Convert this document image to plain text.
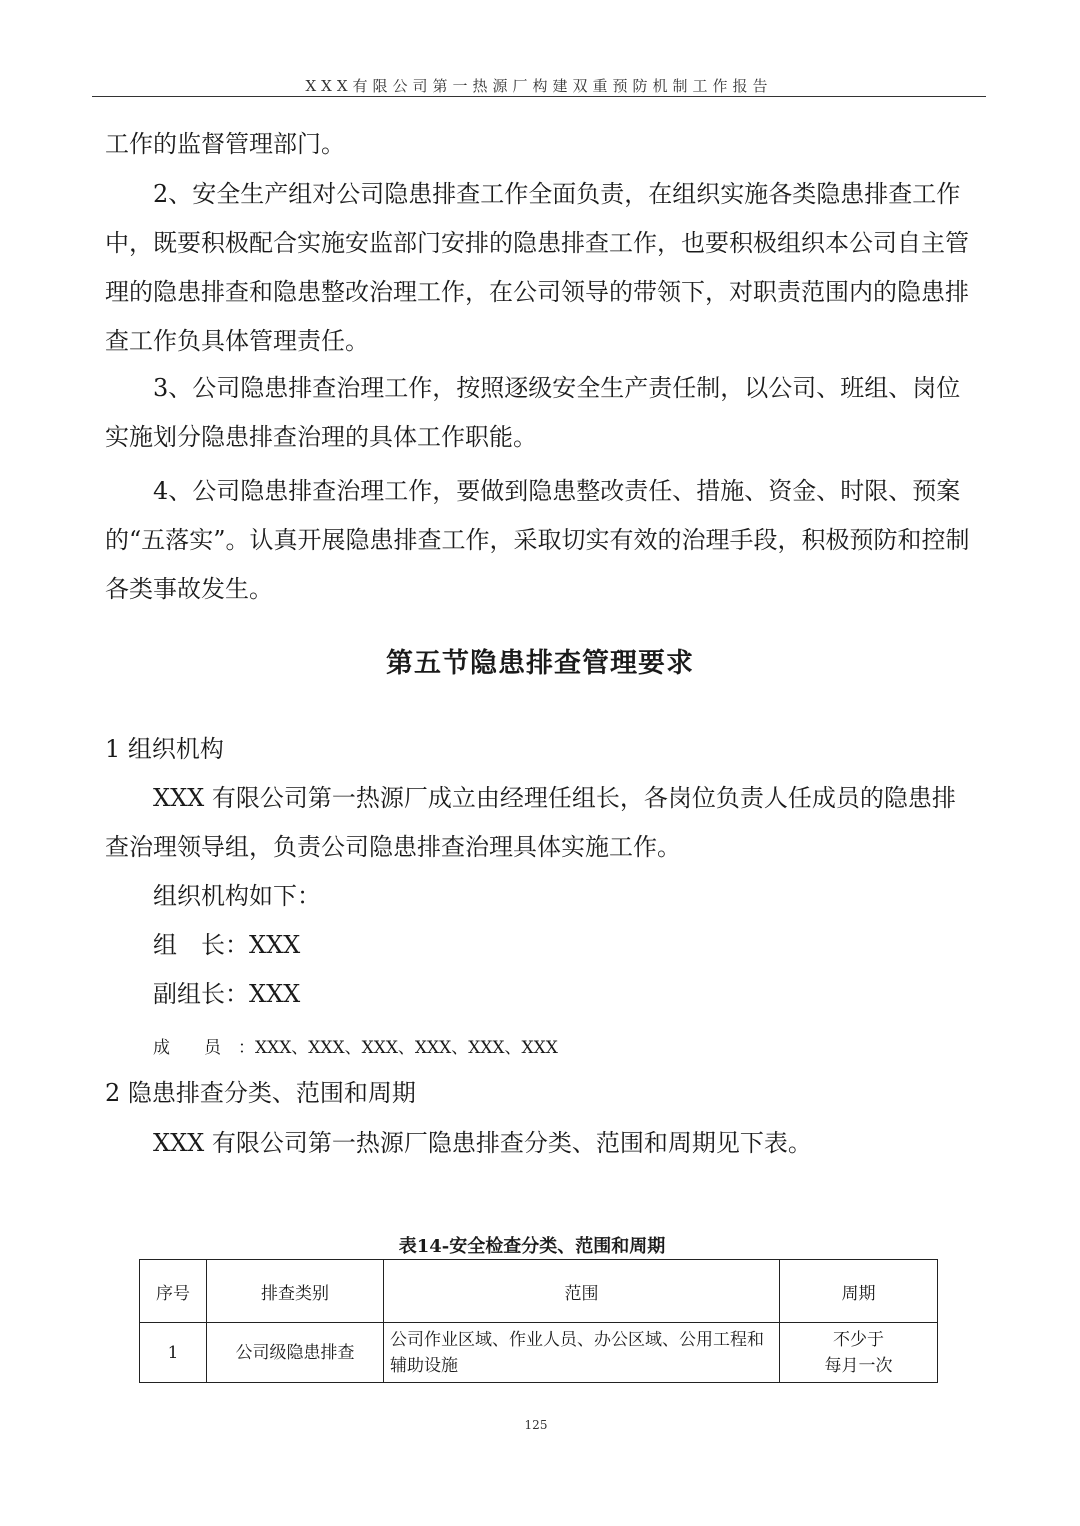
XXX有限公司第一热源厂构建双重预防机制工作报告

工作的监督管理部门。

2、安全生产组对公司隐患排查工作全面负责，在组织实施各类隐患排查工作中，既要积极配合实施安监部门安排的隐患排查工作，也要积极组织本公司自主管理的隐患排查和隐患整改治理工作，在公司领导的带领下，对职责范围内的隐患排查工作负具体管理责任。

3、公司隐患排查治理工作，按照逐级安全生产责任制，以公司、班组、岗位实施划分隐患排查治理的具体工作职能。

4、公司隐患排查治理工作，要做到隐患整改责任、措施、资金、时限、预案的“五落实”。认真开展隐患排查工作，采取切实有效的治理手段，积极预防和控制各类事故发生。

第五节隐患排查管理要求

1 组织机构

XXX 有限公司第一热源厂成立由经理任组长，各岗位负责人任成员的隐患排查治理领导组，负责公司隐患排查治理具体实施工作。

组织机构如下：

组　长：XXX

副组长：XXX

成　　员　：XXX、XXX、XXX、XXX、XXX、XXX

2 隐患排查分类、范围和周期

XXX 有限公司第一热源厂隐患排查分类、范围和周期见下表。

表14-安全检查分类、范围和周期
序号	排查类别	范围	周期
1	公司级隐患排查	公司作业区域、作业人员、办公区域、公用工程和辅助设施	不少于
每月一次
125
